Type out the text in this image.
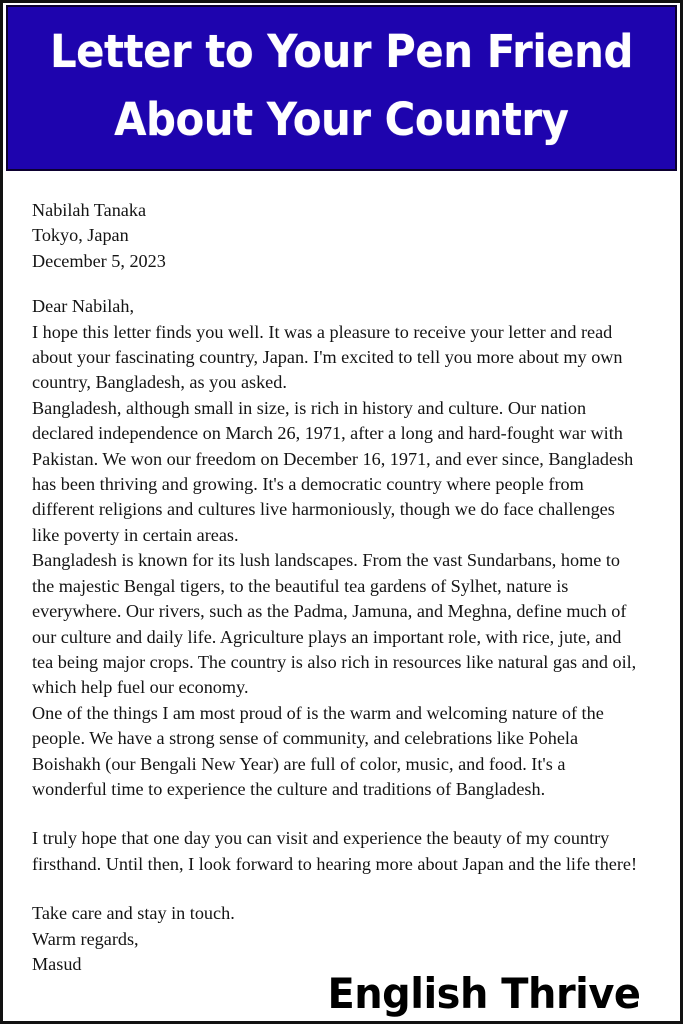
Letter to Your Pen Friend
About Your Country
Nabilah Tanaka
Tokyo, Japan
December 5, 2023

Dear Nabilah,

I hope this letter finds you well. It was a pleasure to receive your letter and read about your fascinating country, Japan. I'm excited to tell you more about my own country, Bangladesh, as you asked.

Bangladesh, although small in size, is rich in history and culture. Our nation declared independence on March 26, 1971, after a long and hard-fought war with Pakistan. We won our freedom on December 16, 1971, and ever since, Bangladesh has been thriving and growing. It's a democratic country where people from different religions and cultures live harmoniously, though we do face challenges like poverty in certain areas.

Bangladesh is known for its lush landscapes. From the vast Sundarbans, home to the majestic Bengal tigers, to the beautiful tea gardens of Sylhet, nature is everywhere. Our rivers, such as the Padma, Jamuna, and Meghna, define much of our culture and daily life. Agriculture plays an important role, with rice, jute, and tea being major crops. The country is also rich in resources like natural gas and oil, which help fuel our economy.

One of the things I am most proud of is the warm and welcoming nature of the people. We have a strong sense of community, and celebrations like Pohela Boishakh (our Bengali New Year) are full of color, music, and food. It's a wonderful time to experience the culture and traditions of Bangladesh.

I truly hope that one day you can visit and experience the beauty of my country firsthand. Until then, I look forward to hearing more about Japan and the life there!

Take care and stay in touch.
Warm regards,
Masud
English Thrive
